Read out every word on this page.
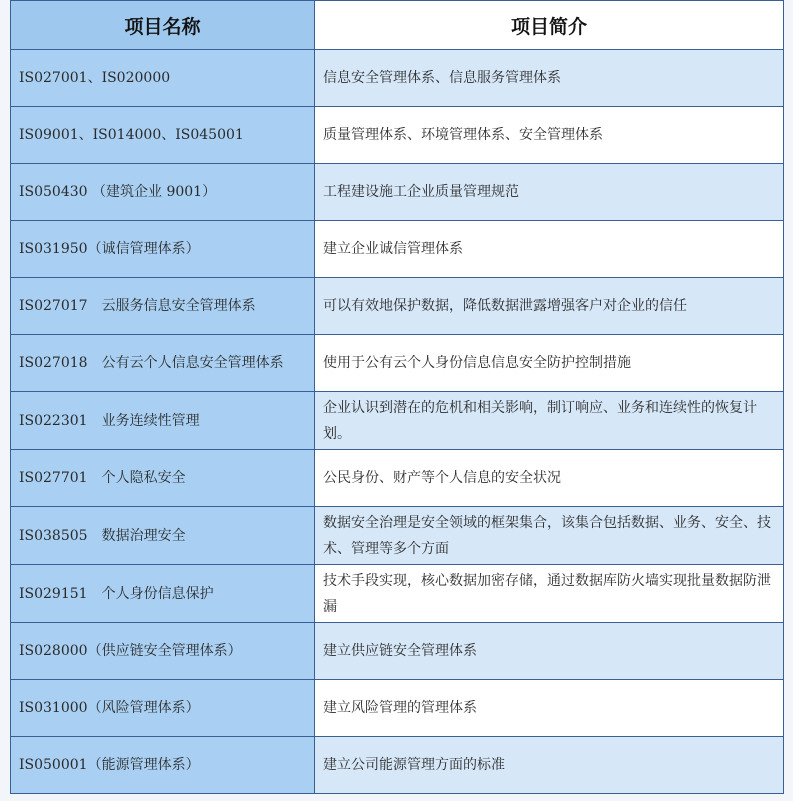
项目名称	项目简介
IS027001、IS020000	信息安全管理体系、信息服务管理体系
IS09001、IS014000、IS045001	质量管理体系、环境管理体系、安全管理体系
IS050430 （建筑企业 9001）	工程建设施工企业质量管理规范
IS031950（诚信管理体系）	建立企业诚信管理体系
IS027017　云服务信息安全管理体系	可以有效地保护数据，降低数据泄露增强客户对企业的信任
IS027018　公有云个人信息安全管理体系	使用于公有云个人身份信息信息安全防护控制措施
IS022301　业务连续性管理	企业认识到潜在的危机和相关影响，制订响应、业务和连续性的恢复计划。
IS027701　个人隐私安全	公民身份、财产等个人信息的安全状况
IS038505　数据治理安全	数据安全治理是安全领域的框架集合，该集合包括数据、业务、安全、技术、管理等多个方面
IS029151　个人身份信息保护	技术手段实现，核心数据加密存储，通过数据库防火墙实现批量数据防泄漏
IS028000（供应链安全管理体系）	建立供应链安全管理体系
IS031000（风险管理体系）	建立风险管理的管理体系
IS050001（能源管理体系）	建立公司能源管理方面的标准
